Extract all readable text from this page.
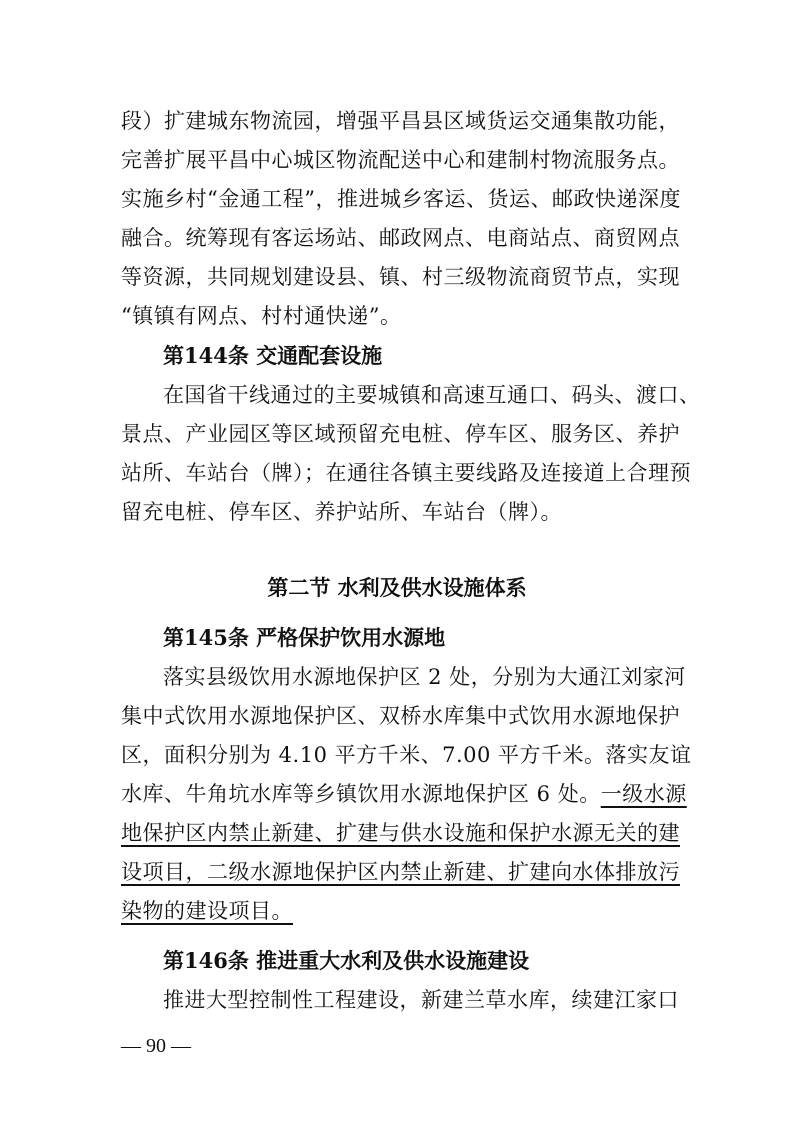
段）扩建城东物流园，增强平昌县区域货运交通集散功能，
完善扩展平昌中心城区物流配送中心和建制村物流服务点。
实施乡村“金通工程”，推进城乡客运、货运、邮政快递深度
融合。统筹现有客运场站、邮政网点、电商站点、商贸网点
等资源，共同规划建设县、镇、村三级物流商贸节点，实现
“镇镇有网点、村村通快递”。
第144条 交通配套设施
在国省干线通过的主要城镇和高速互通口、码头、渡口、
景点、产业园区等区域预留充电桩、停车区、服务区、养护
站所、车站台（牌）；在通往各镇主要线路及连接道上合理预
留充电桩、停车区、养护站所、车站台（牌）。
第二节 水利及供水设施体系
第145条 严格保护饮用水源地
落实县级饮用水源地保护区 2 处，分别为大通江刘家河
集中式饮用水源地保护区、双桥水库集中式饮用水源地保护
区，面积分别为 4.10 平方千米、7.00 平方千米。落实友谊
水库、牛角坑水库等乡镇饮用水源地保护区 6 处。一级水源
地保护区内禁止新建、扩建与供水设施和保护水源无关的建
设项目，二级水源地保护区内禁止新建、扩建向水体排放污
染物的建设项目。
第146条 推进重大水利及供水设施建设
推进大型控制性工程建设，新建兰草水库，续建江家口
— 90 —
